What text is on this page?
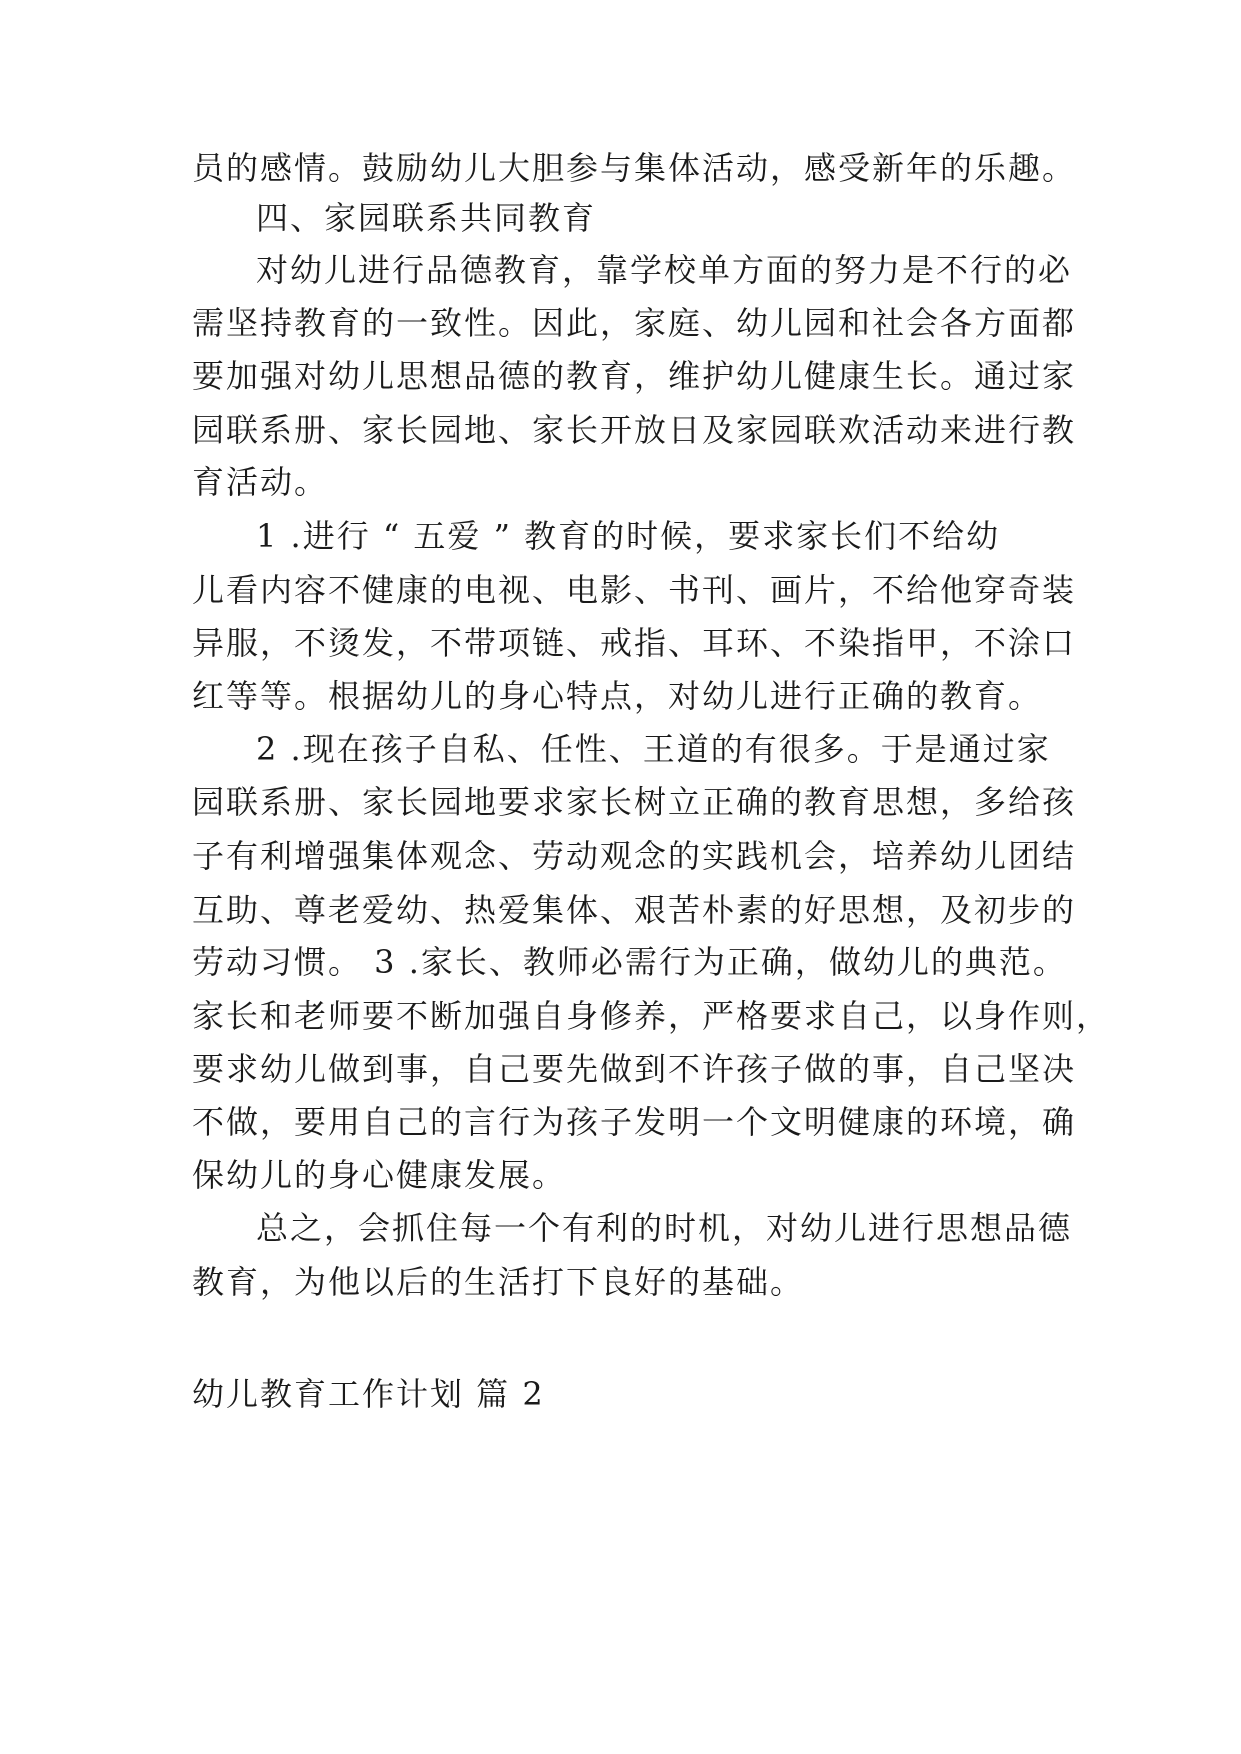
员的感情。鼓励幼儿大胆参与集体活动，感受新年的乐趣。
四、家园联系共同教育
对幼儿进行品德教育，靠学校单方面的努力是不行的必
需坚持教育的一致性。因此，家庭、幼儿园和社会各方面都
要加强对幼儿思想品德的教育，维护幼儿健康生长。通过家
园联系册、家长园地、家长开放日及家园联欢活动来进行教
育活动。
1 .进行 “ 五爱 ” 教育的时候，要求家长们不给幼
儿看内容不健康的电视、电影、书刊、画片，不给他穿奇装
异服，不烫发，不带项链、戒指、耳环、不染指甲，不涂口
红等等。根据幼儿的身心特点，对幼儿进行正确的教育。
2 .现在孩子自私、任性、王道的有很多。于是通过家
园联系册、家长园地要求家长树立正确的教育思想，多给孩
子有利增强集体观念、劳动观念的实践机会，培养幼儿团结
互助、尊老爱幼、热爱集体、艰苦朴素的好思想，及初步的
劳动习惯。 3 .家长、教师必需行为正确，做幼儿的典范。
家长和老师要不断加强自身修养，严格要求自己，以身作则，
要求幼儿做到事，自己要先做到不许孩子做的事，自己坚决
不做，要用自己的言行为孩子发明一个文明健康的环境，确
保幼儿的身心健康发展。
总之，会抓住每一个有利的时机，对幼儿进行思想品德
教育，为他以后的生活打下良好的基础。
幼儿教育工作计划 篇 2
